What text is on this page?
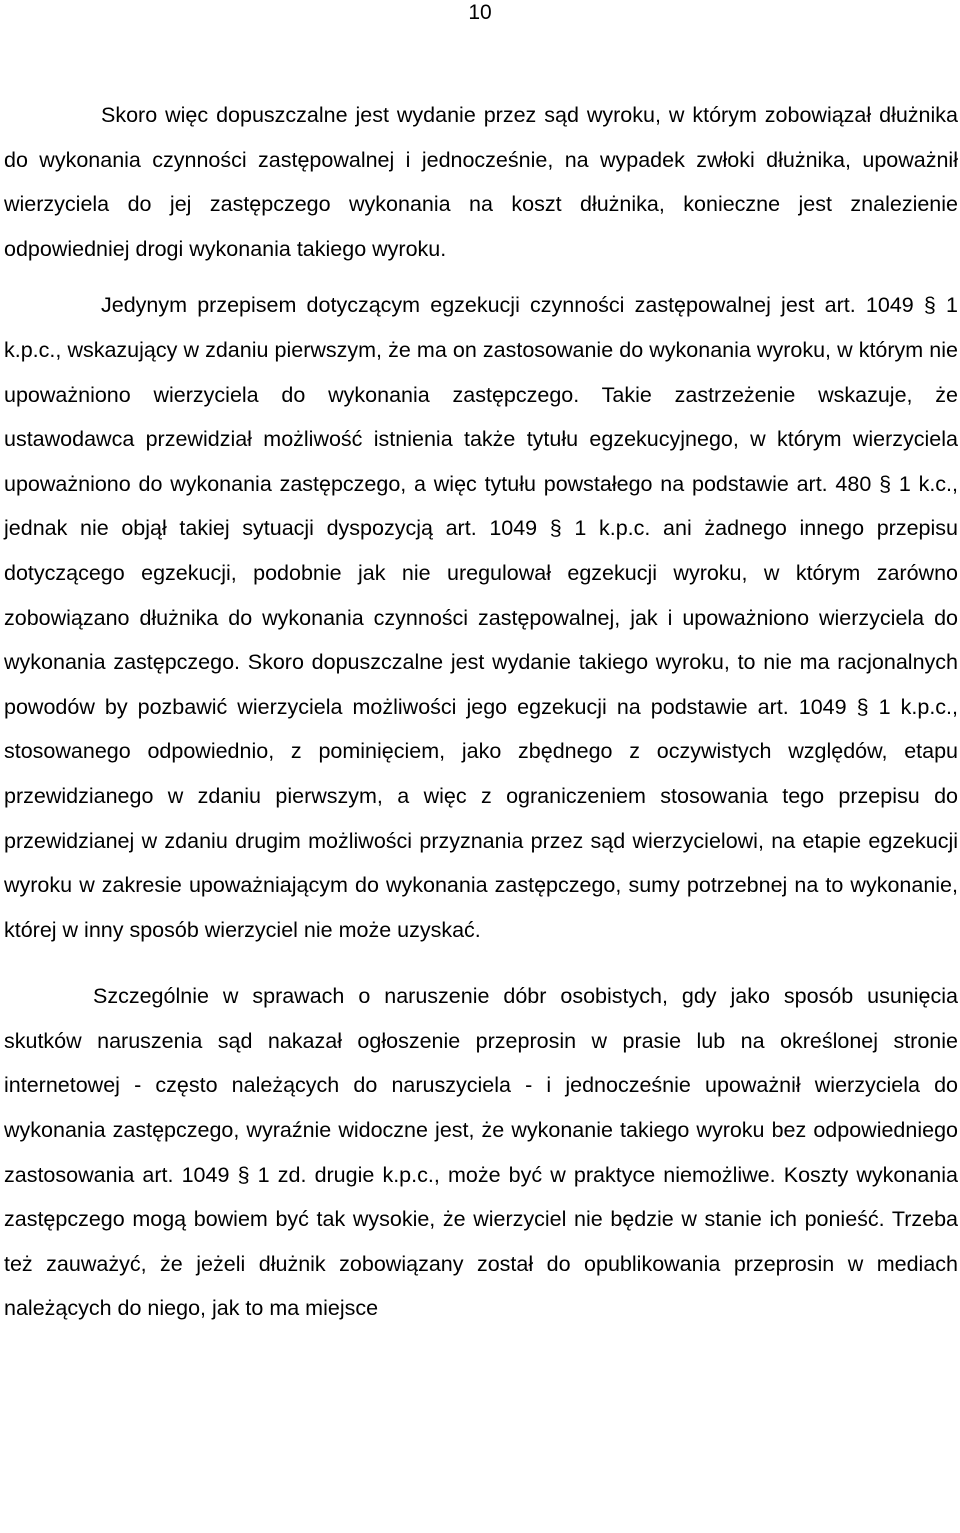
10

Skoro więc dopuszczalne jest wydanie przez sąd wyroku, w którym zobowiązał dłużnika do wykonania czynności zastępowalnej i jednocześnie, na wypadek zwłoki dłużnika, upoważnił wierzyciela do jej zastępczego wykonania na koszt dłużnika, konieczne jest znalezienie odpowiedniej drogi wykonania takiego wyroku.

Jedynym przepisem dotyczącym egzekucji czynności zastępowalnej jest art. 1049 § 1 k.p.c., wskazujący w zdaniu pierwszym, że ma on zastosowanie do wykonania wyroku, w którym nie upoważniono wierzyciela do wykonania zastępczego. Takie zastrzeżenie wskazuje, że ustawodawca przewidział możliwość istnienia także tytułu egzekucyjnego, w którym wierzyciela upoważniono do wykonania zastępczego, a więc tytułu powstałego na podstawie art. 480 § 1 k.c., jednak nie objął takiej sytuacji dyspozycją art. 1049 § 1 k.p.c. ani żadnego innego przepisu dotyczącego egzekucji, podobnie jak nie uregulował egzekucji wyroku, w którym zarówno zobowiązano dłużnika do wykonania czynności zastępowalnej, jak i upoważniono wierzyciela do wykonania zastępczego. Skoro dopuszczalne jest wydanie takiego wyroku, to nie ma racjonalnych powodów by pozbawić wierzyciela możliwości jego egzekucji na podstawie art. 1049 § 1 k.p.c., stosowanego odpowiednio, z pominięciem, jako zbędnego z oczywistych względów, etapu przewidzianego w zdaniu pierwszym, a więc z ograniczeniem stosowania tego przepisu do przewidzianej w zdaniu drugim możliwości przyznania przez sąd wierzycielowi, na etapie egzekucji wyroku w zakresie upoważniającym do wykonania zastępczego, sumy potrzebnej na to wykonanie, której w inny sposób wierzyciel nie może uzyskać.

Szczególnie w sprawach o naruszenie dóbr osobistych, gdy jako sposób usunięcia skutków naruszenia sąd nakazał ogłoszenie przeprosin w prasie lub na określonej stronie internetowej - często należących do naruszyciela - i jednocześnie upoważnił wierzyciela do wykonania zastępczego, wyraźnie widoczne jest, że wykonanie takiego wyroku bez odpowiedniego zastosowania art. 1049 § 1 zd. drugie k.p.c., może być w praktyce niemożliwe. Koszty wykonania zastępczego mogą bowiem być tak wysokie, że wierzyciel nie będzie w stanie ich ponieść. Trzeba też zauważyć, że jeżeli dłużnik zobowiązany został do opublikowania przeprosin w mediach należących do niego, jak to ma miejsce
